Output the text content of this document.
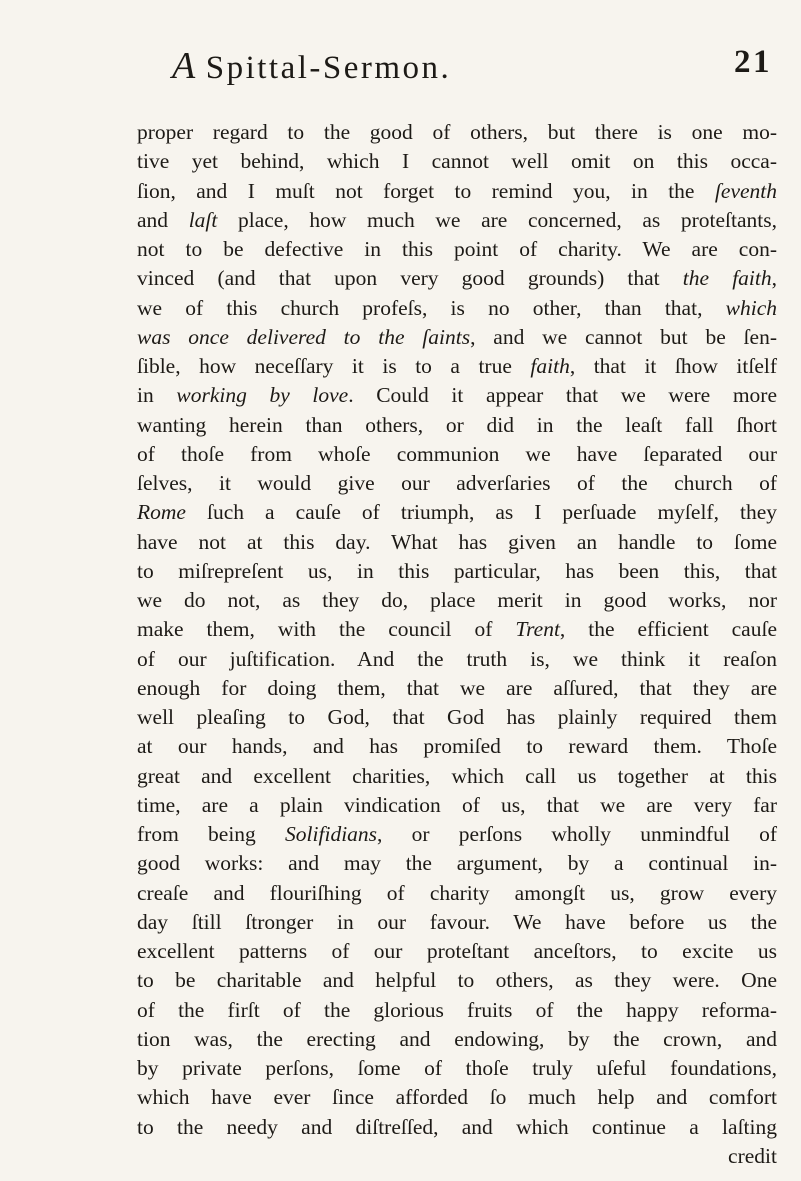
A Spittal-Sermon.	21
proper regard to the good of others, but there is one mo-
tive yet behind, which I cannot well omit on this occa-
ſion, and I muſt not forget to remind you, in the ſeventh
and laſt place, how much we are concerned, as proteſtants,
not to be defective in this point of charity. We are con-
vinced (and that upon very good grounds) that the faith,
we of this church profeſs, is no other, than that, which
was once delivered to the ſaints, and we cannot but be ſen-
ſible, how neceſſary it is to a true faith, that it ſhow itſelf
in working by love. Could it appear that we were more
wanting herein than others, or did in the leaſt fall ſhort
of thoſe from whoſe communion we have ſeparated our
ſelves, it would give our adverſaries of the church of
Rome ſuch a cauſe of triumph, as I perſuade myſelf, they
have not at this day. What has given an handle to ſome
to miſrepreſent us, in this particular, has been this, that
we do not, as they do, place merit in good works, nor
make them, with the council of Trent, the efficient cauſe
of our juſtification. And the truth is, we think it reaſon
enough for doing them, that we are aſſured, that they are
well pleaſing to God, that God has plainly required them
at our hands, and has promiſed to reward them. Thoſe
great and excellent charities, which call us together at this
time, are a plain vindication of us, that we are very far
from being Solifidians, or perſons wholly unmindful of
good works: and may the argument, by a continual in-
creaſe and flouriſhing of charity amongſt us, grow every
day ſtill ſtronger in our favour. We have before us the
excellent patterns of our proteſtant anceſtors, to excite us
to be charitable and helpful to others, as they were. One
of the firſt of the glorious fruits of the happy reforma-
tion was, the erecting and endowing, by the crown, and
by private perſons, ſome of thoſe truly uſeful foundations,
which have ever ſince afforded ſo much help and comfort
to the needy and diſtreſſed, and which continue a laſting
credit
